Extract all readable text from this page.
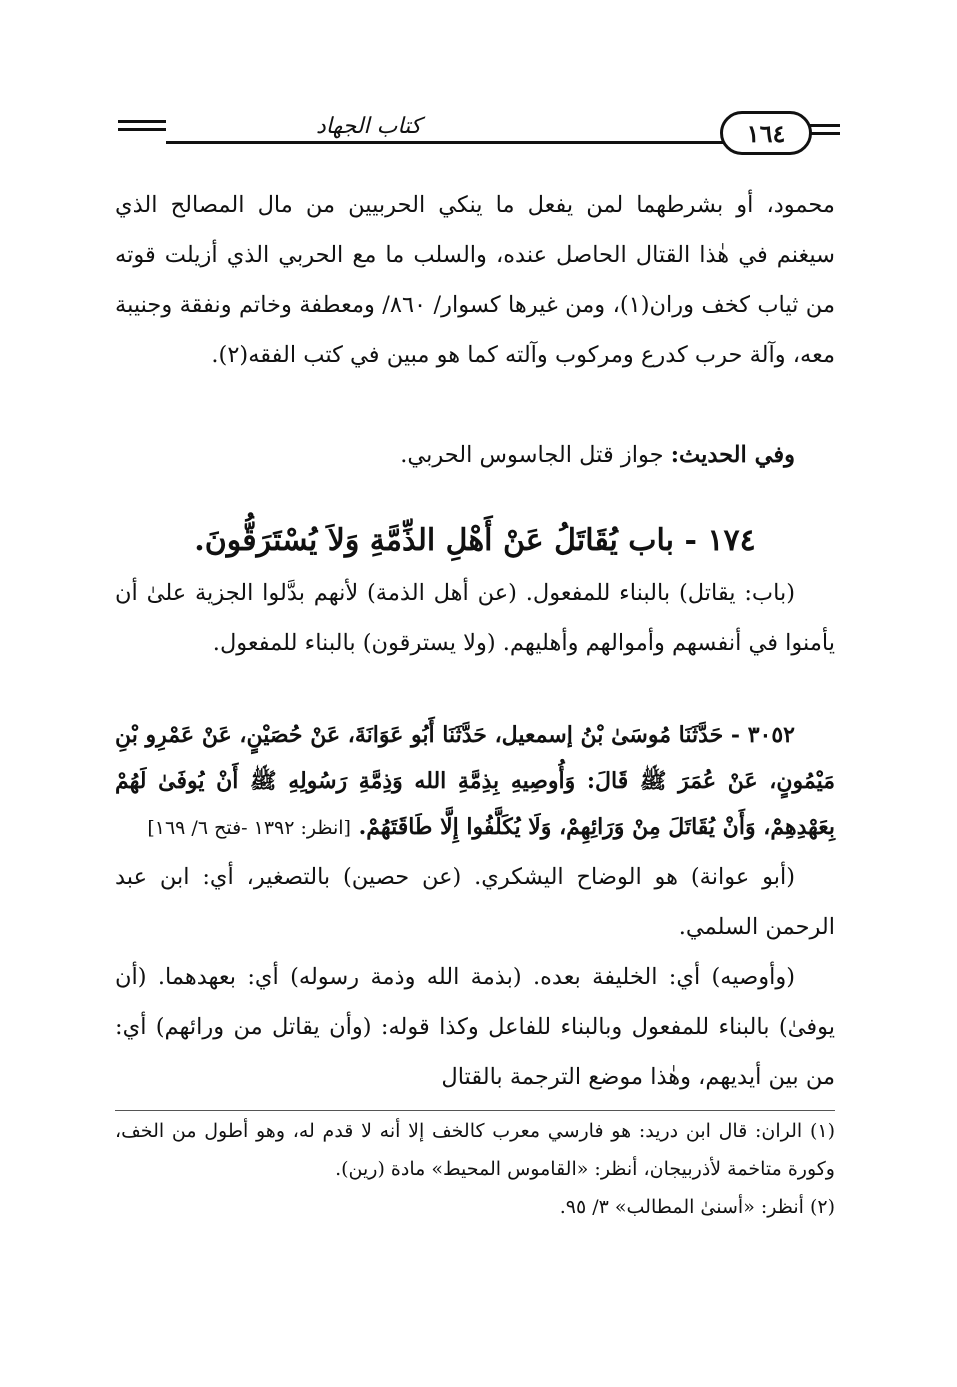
كتاب الجهاد	١٦٤
محمود، أو بشرطهما لمن يفعل ما ينكي الحربيين من مال المصالح الذي سيغنم في هٰذا القتال الحاصل عنده، والسلب ما مع الحربي الذي أزيلت قوته من ثياب كخف وران(١)، ومن غيرها كسوار/ ٨٦٠/ ومعطفة وخاتم ونفقة وجنيبة معه، وآلة حرب كدرع ومركوب وآلته كما هو مبين في كتب الفقه(٢).
وفي الحديث: جواز قتل الجاسوس الحربي.
١٧٤ - باب يُقَاتَلُ عَنْ أَهْلِ الذِّمَّةِ وَلاَ يُسْتَرَقُّونَ.
(باب: يقاتل) بالبناء للمفعول. (عن أهل الذمة) لأنهم بدَّلوا الجزية علىٰ أن يأمنوا في أنفسهم وأموالهم وأهليهم. (ولا يسترقون) بالبناء للمفعول.
٣٠٥٢ - حَدَّثَنَا مُوسَىٰ بْنُ إسمعيل، حَدَّثَنَا أَبُو عَوَانَةَ، عَنْ حُصَيْنٍ، عَنْ عَمْرِو بْنِ مَيْمُونٍ، عَنْ عُمَرَ ﷺ قَالَ: وَأُوصِيهِ بِذِمَّةِ الله وَذِمَّةِ رَسُولِهِ ﷺ أَنْ يُوفَىٰ لَهُمْ بِعَهْدِهِمْ، وَأَنْ يُقَاتَلَ مِنْ وَرَائِهِمْ، وَلَا يُكَلَّفُوا إِلَّا طَاقَتَهُمْ. [انظر: ١٣٩٢ -فتح ٦/ ١٦٩]
(أبو عوانة) هو الوضاح اليشكري. (عن حصين) بالتصغير، أي: ابن عبد الرحمن السلمي.
(وأوصيه) أي: الخليفة بعده. (بذمة الله وذمة رسوله) أي: بعهدهما. (أن يوفىٰ) بالبناء للمفعول وبالبناء للفاعل وكذا قوله: (وأن يقاتل من ورائهم) أي: من بين أيديهم، وهٰذا موضع الترجمة بالقتال
(١) الران: قال ابن دريد: هو فارسي معرب كالخف إلا أنه لا قدم له، وهو أطول من الخف، وكورة متاخمة لأذربيجان، أنظر: «القاموس المحيط» مادة (رين).
(٢) أنظر: «أسنىٰ المطالب» ٣/ ٩٥.
